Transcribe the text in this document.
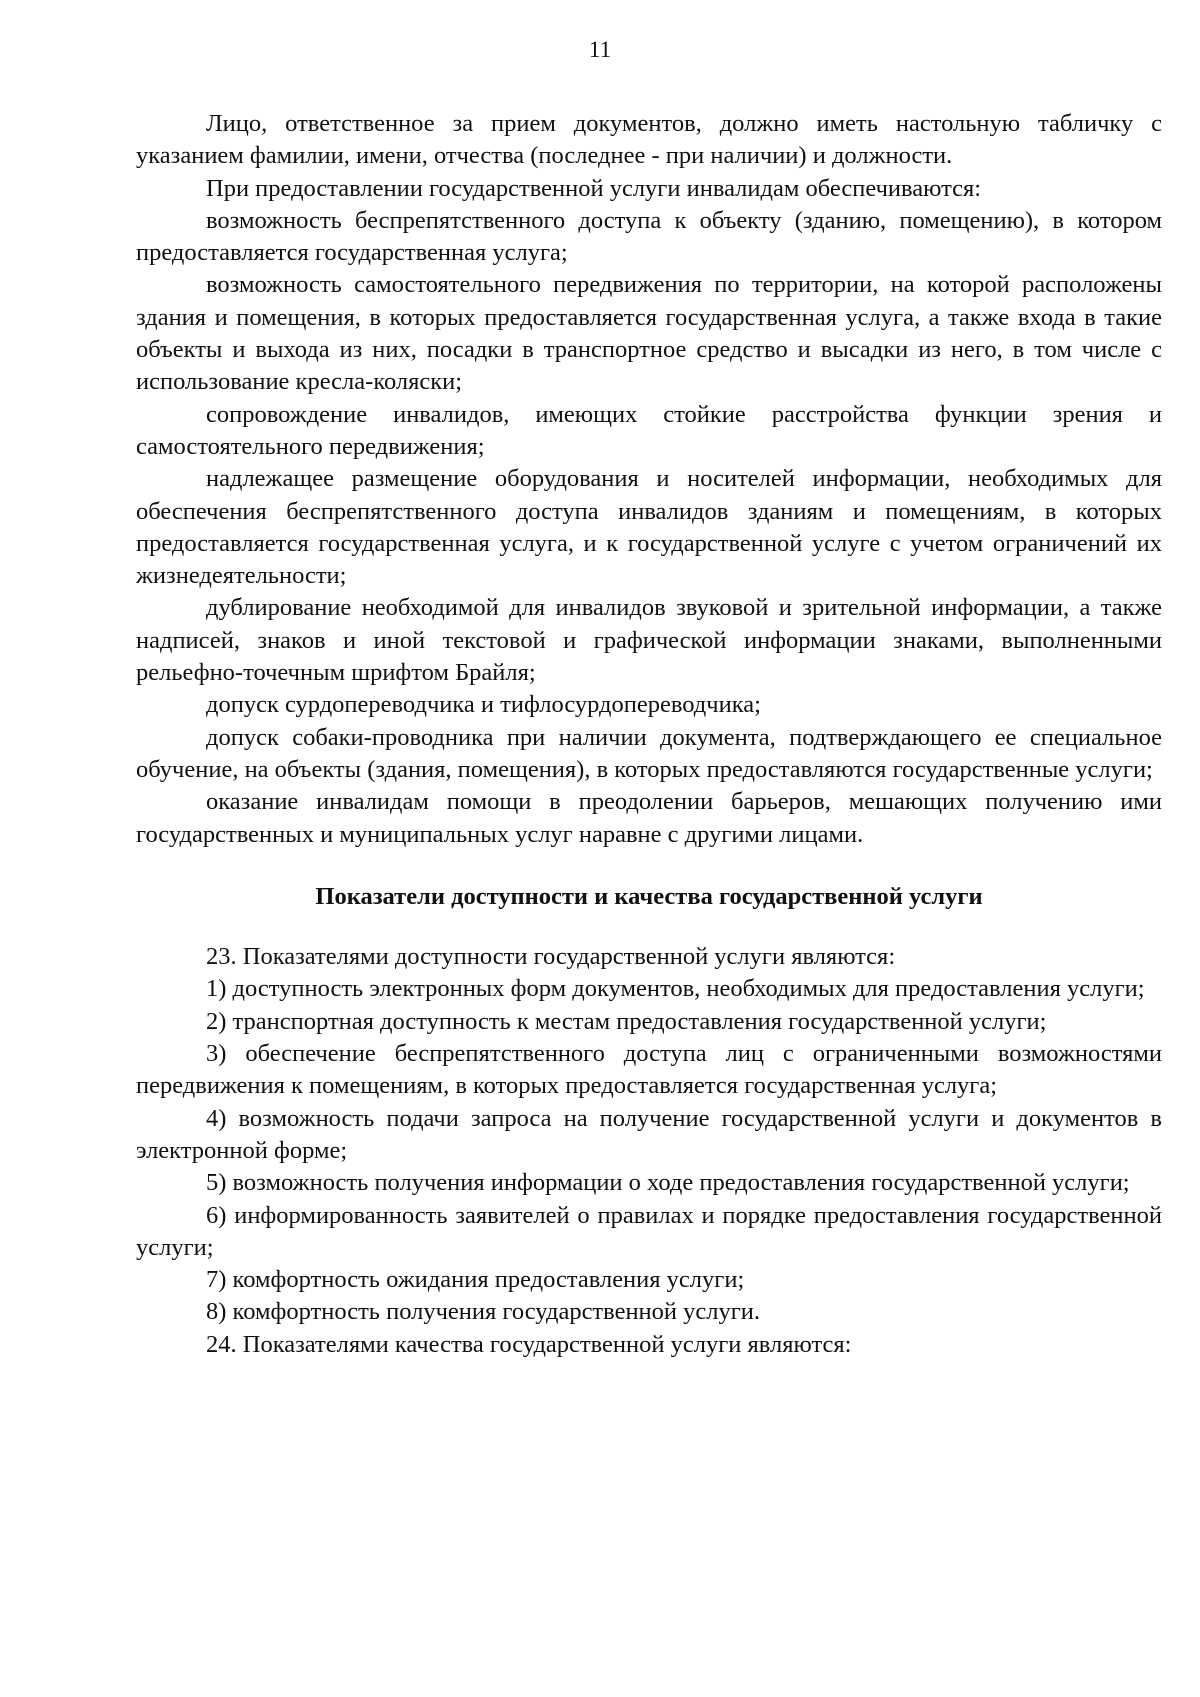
11

Лицо, ответственное за прием документов, должно иметь настольную табличку с указанием фамилии, имени, отчества (последнее - при наличии) и должности.

При предоставлении государственной услуги инвалидам обеспечиваются:

возможность беспрепятственного доступа к объекту (зданию, помещению), в котором предоставляется государственная услуга;

возможность самостоятельного передвижения по территории, на которой расположены здания и помещения, в которых предоставляется государственная услуга, а также входа в такие объекты и выхода из них, посадки в транспортное средство и высадки из него, в том числе с использование кресла-коляски;

сопровождение инвалидов, имеющих стойкие расстройства функции зрения и самостоятельного передвижения;

надлежащее размещение оборудования и носителей информации, необходимых для обеспечения беспрепятственного доступа инвалидов зданиям и помещениям, в которых предоставляется государственная услуга, и к государственной услуге с учетом ограничений их жизнедеятельности;

дублирование необходимой для инвалидов звуковой и зрительной информации, а также надписей, знаков и иной текстовой и графической информации знаками, выполненными рельефно-точечным шрифтом Брайля;

допуск сурдопереводчика и тифлосурдопереводчика;

допуск собаки-проводника при наличии документа, подтверждающего ее специальное обучение, на объекты (здания, помещения), в которых предоставляются государственные услуги;

оказание инвалидам помощи в преодолении барьеров, мешающих получению ими государственных и муниципальных услуг наравне с другими лицами.

Показатели доступности и качества государственной услуги

23. Показателями доступности государственной услуги являются:

1) доступность электронных форм документов, необходимых для предоставления услуги;

2) транспортная доступность к местам предоставления государственной услуги;

3) обеспечение беспрепятственного доступа лиц с ограниченными возможностями передвижения к помещениям, в которых предоставляется государственная услуга;

4) возможность подачи запроса на получение государственной услуги и документов в электронной форме;

5) возможность получения информации о ходе предоставления государственной услуги;

6) информированность заявителей о правилах и порядке предоставления государственной услуги;

7) комфортность ожидания предоставления услуги;

8) комфортность получения государственной услуги.

24. Показателями качества государственной услуги являются:
